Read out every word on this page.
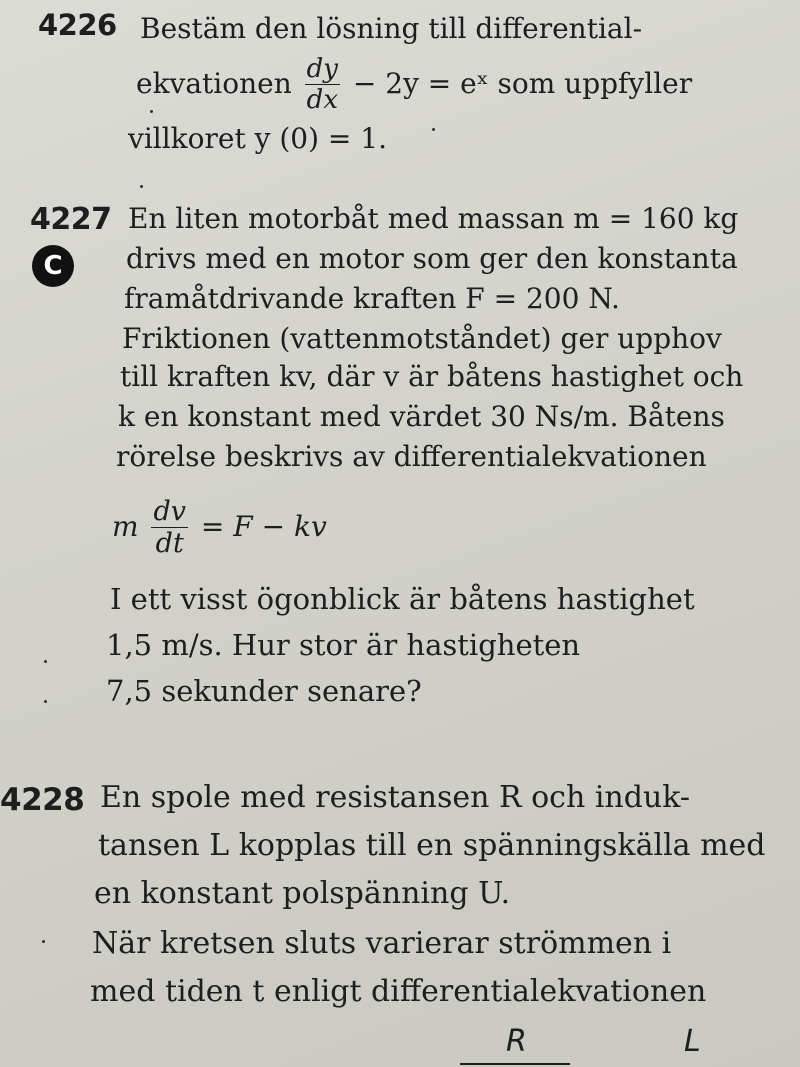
4226 Bestäm den lösning till differential-
ekvationen $\frac{dy}{dx} - 2y$ = eˣ som uppfyller
villkoret y (0) = 1.
4227
C
En liten motorbåt med massan m = 160 kg
drivs med en motor som ger den konstanta
framåtdrivande kraften F = 200 N.
Friktionen (vattenmotståndet) ger upphov
till kraften kv, där v är båtens hastighet och
k en konstant med värdet 30 Ns/m. Båtens
rörelse beskrivs av differentialekvationen
m $\frac{dv}{dt} = F$ − kv
I ett visst ögonblick är båtens hastighet
1,5 m/s. Hur stor är hastigheten
7,5 sekunder senare?
4228 En spole med resistansen R och induk-
tansen L kopplas till en spänningskälla med
en konstant polspänning U.
När kretsen sluts varierar strömmen i
med tiden t enligt differentialekvationen
R	L
